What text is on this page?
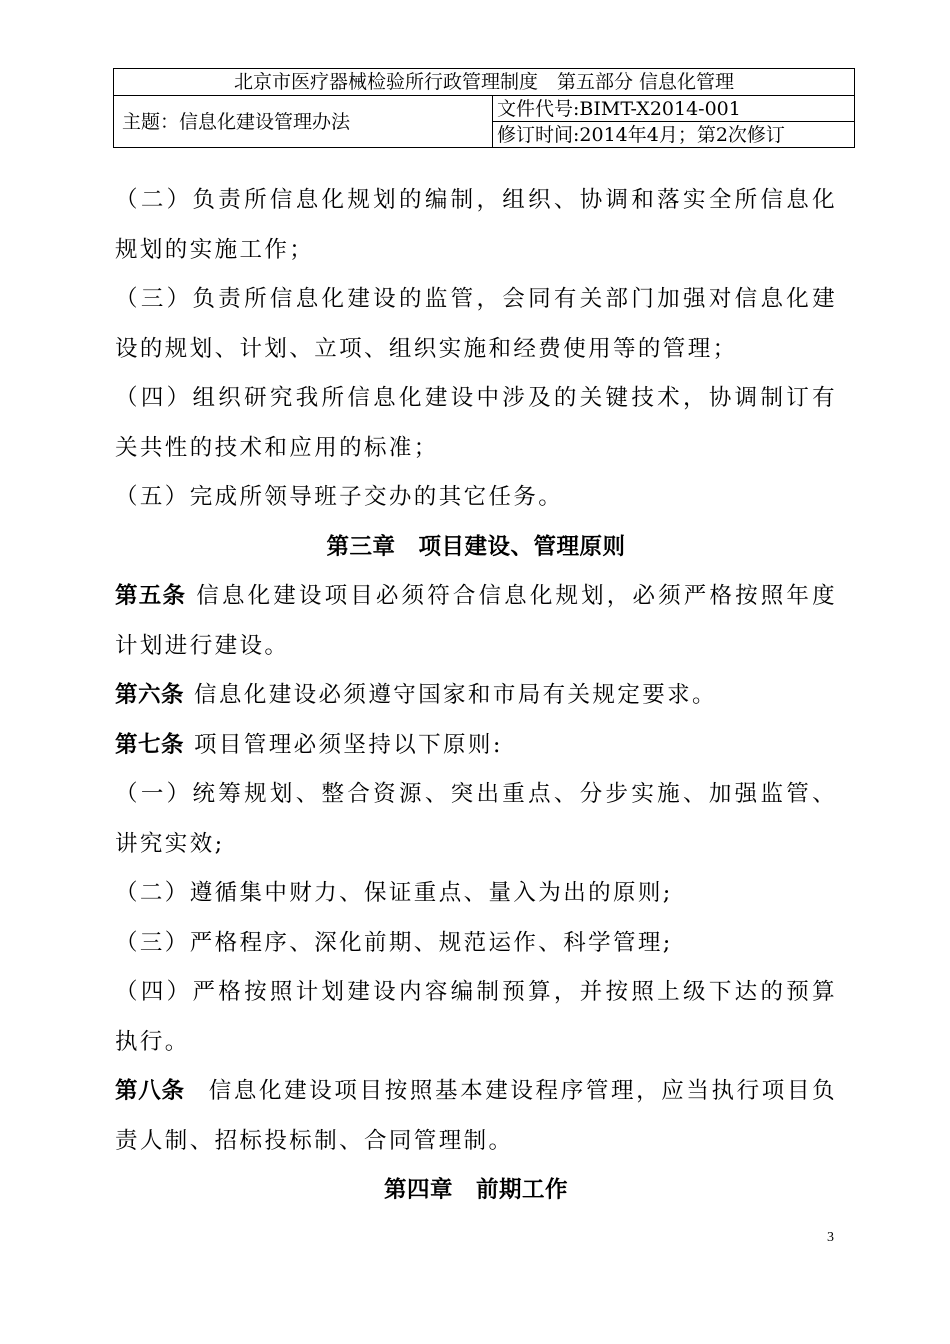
北京市医疗器械检验所行政管理制度　第五部分 信息化管理
主题：信息化建设管理办法	文件代号:BIMT-X2014-001
修订时间:2014年4月；第2次修订

（二）负责所信息化规划的编制，组织、协调和落实全所信息化规划的实施工作；

（三）负责所信息化建设的监管，会同有关部门加强对信息化建设的规划、计划、立项、组织实施和经费使用等的管理；

（四）组织研究我所信息化建设中涉及的关键技术，协调制订有关共性的技术和应用的标准；

（五）完成所领导班子交办的其它任务。

第三章　项目建设、管理原则

第五条 信息化建设项目必须符合信息化规划，必须严格按照年度计划进行建设。

第六条 信息化建设必须遵守国家和市局有关规定要求。

第七条 项目管理必须坚持以下原则:

（一）统筹规划、整合资源、突出重点、分步实施、加强监管、讲究实效;

（二）遵循集中财力、保证重点、量入为出的原则;

（三）严格程序、深化前期、规范运作、科学管理;

（四）严格按照计划建设内容编制预算，并按照上级下达的预算执行。

第八条 信息化建设项目按照基本建设程序管理，应当执行项目负责人制、招标投标制、合同管理制。

第四章　前期工作

3
